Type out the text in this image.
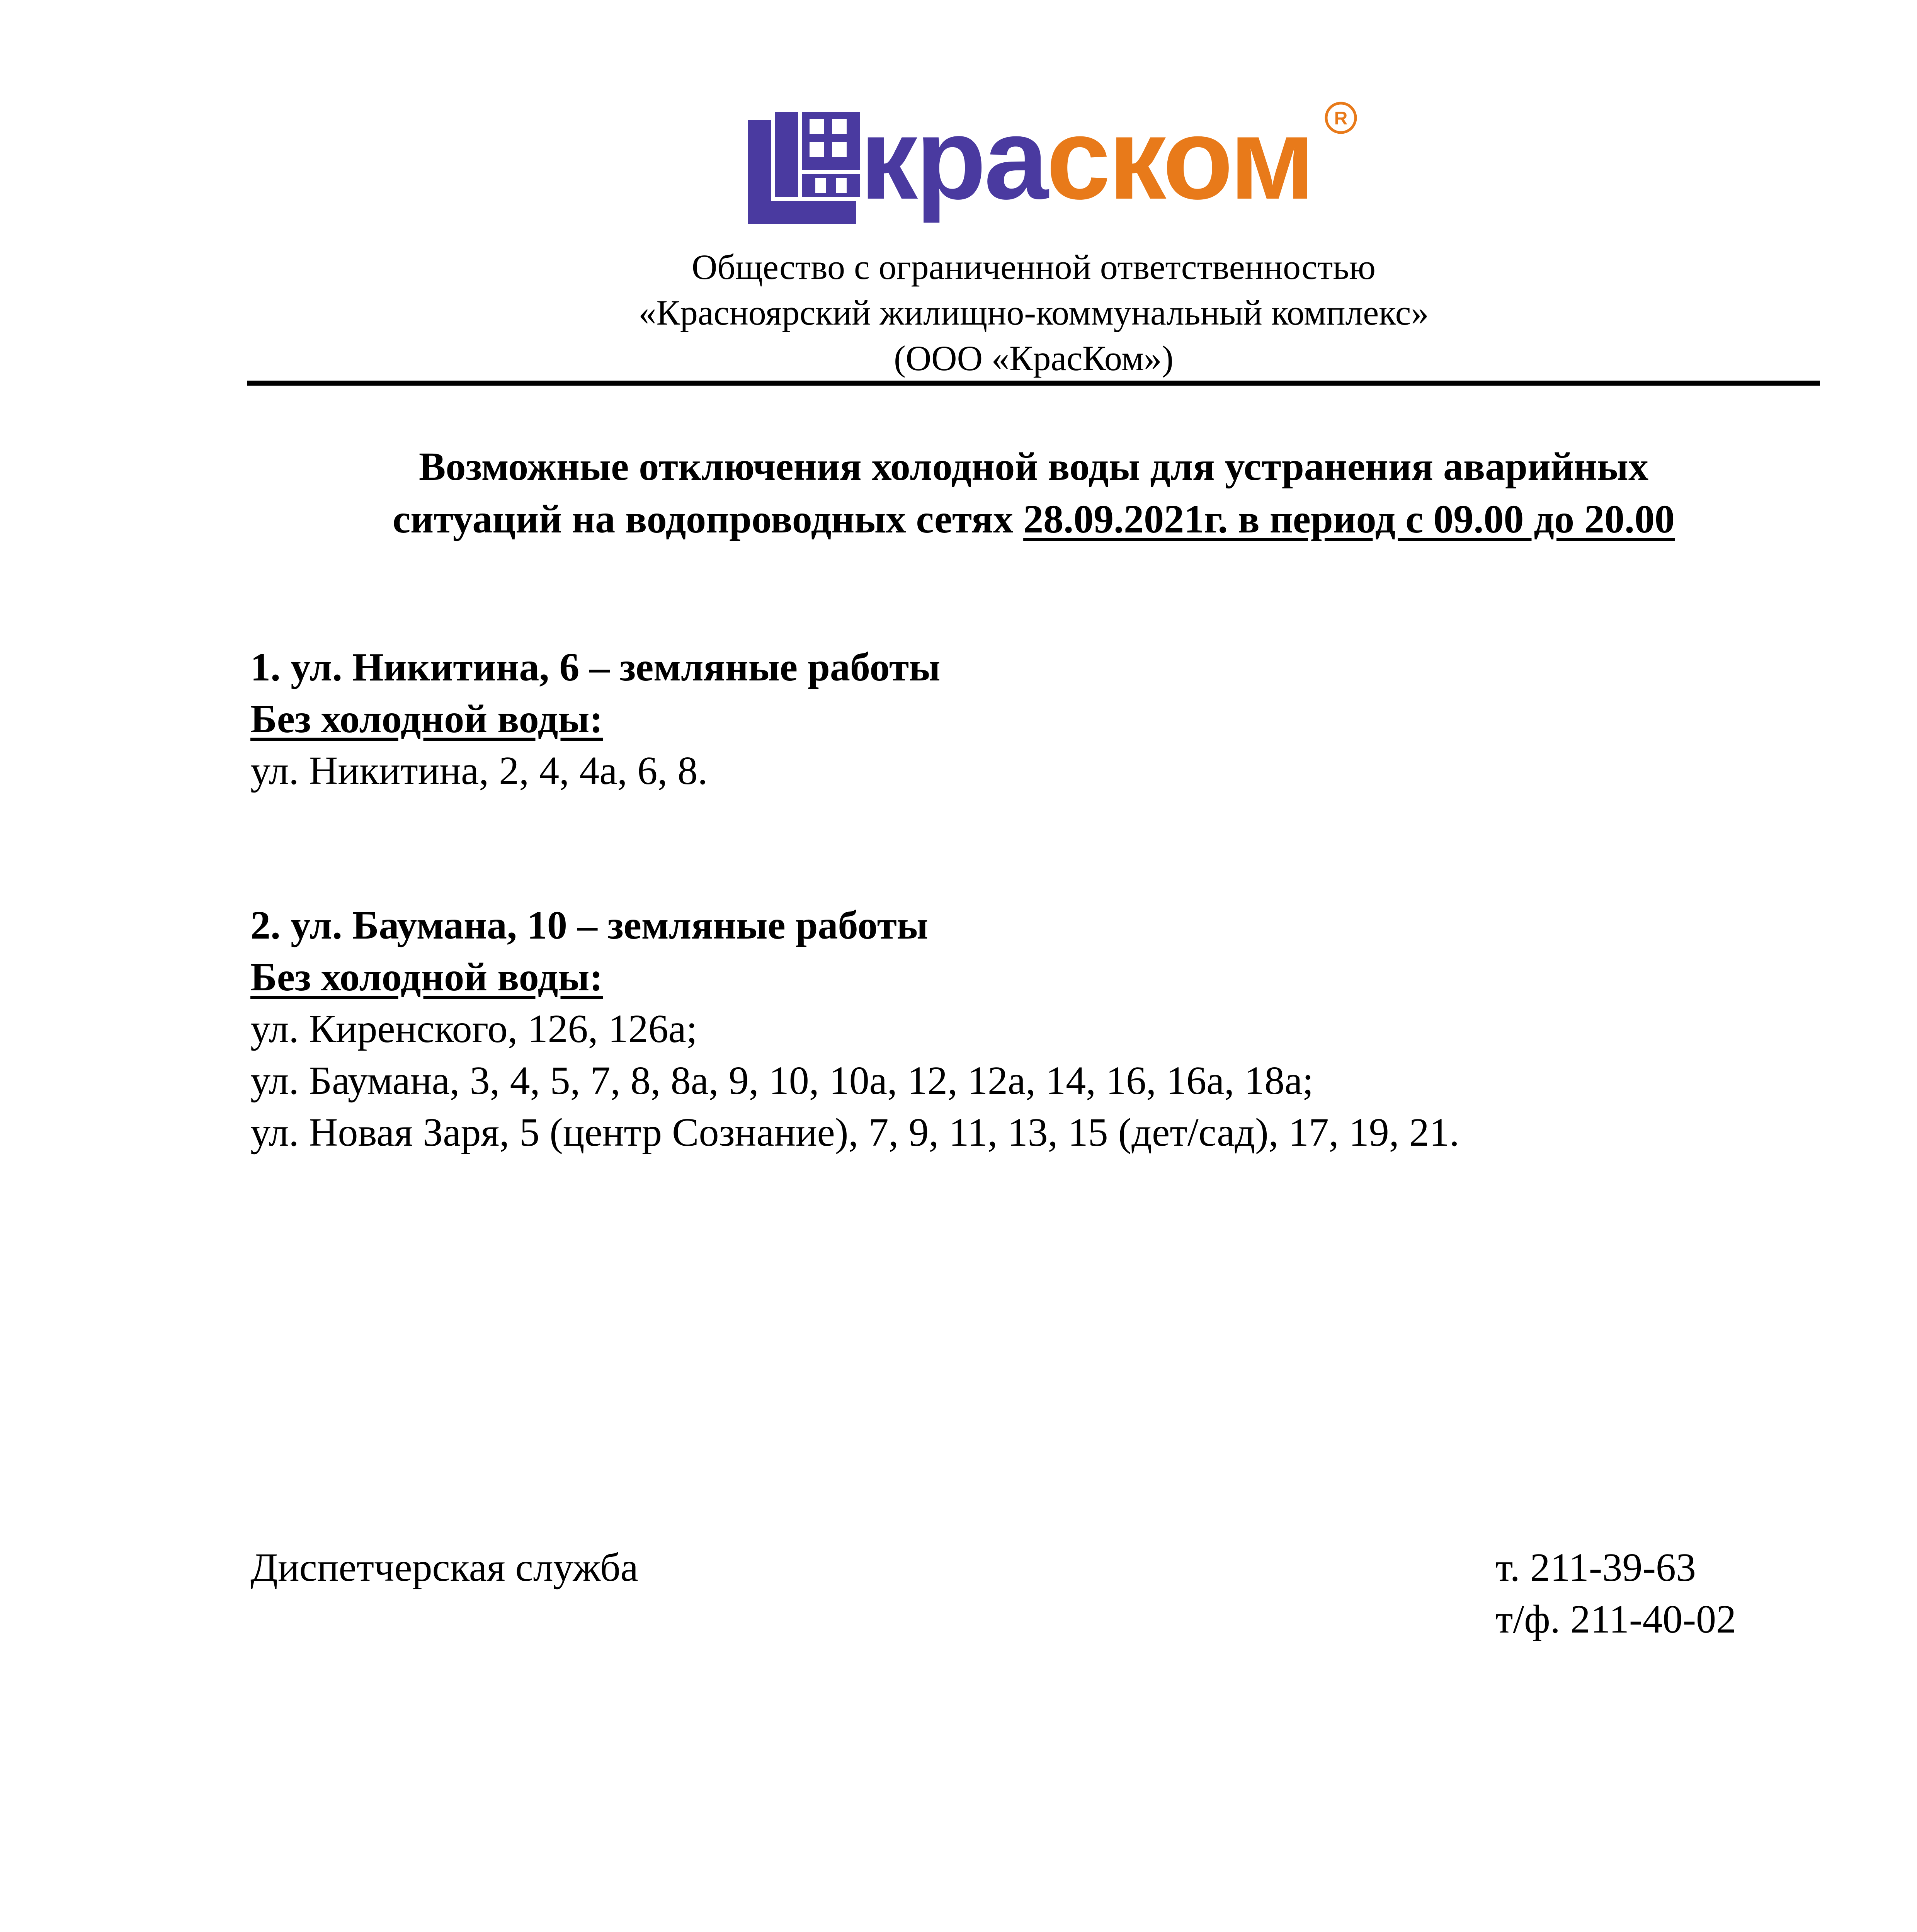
краском R
Общество с ограниченной ответственностью
«Красноярский жилищно-коммунальный комплекс»
(ООО «КрасКом»)
Возможные отключения холодной воды для устранения аварийных
ситуаций на водопроводных сетях 28.09.2021г. в период с 09.00 до 20.00
1. ул. Никитина, 6 – земляные работы
Без холодной воды:
ул. Никитина, 2, 4, 4а, 6, 8.
2. ул. Баумана, 10 – земляные работы
Без холодной воды:
ул. Киренского, 126, 126а;
ул. Баумана, 3, 4, 5, 7, 8, 8а, 9, 10, 10а, 12, 12а, 14, 16, 16а, 18а;
ул. Новая Заря, 5 (центр Сознание), 7, 9, 11, 13, 15 (дет/сад), 17, 19, 21.
Диспетчерская служба	т. 211-39-63
т/ф. 211-40-02
